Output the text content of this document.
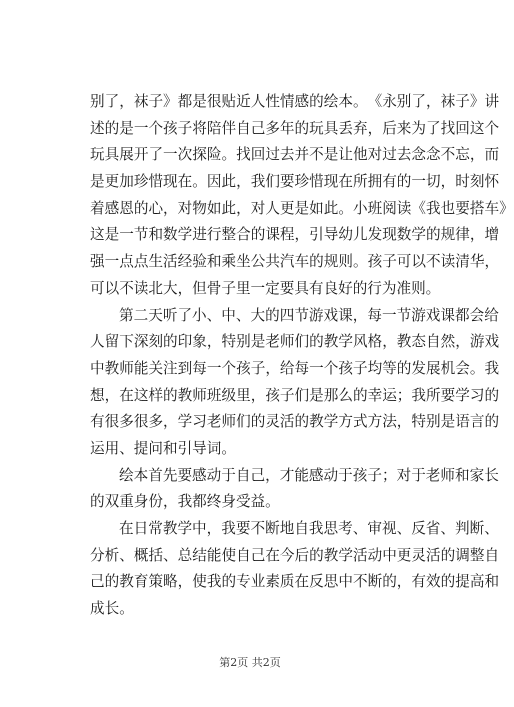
别 了 ， 袜 子 》 都 是 很 贴 近 人 性 情 感 的 绘 本 。 《 永 别 了 ， 袜 子 》 讲
述 的 是 一 个 孩 子 将 陪 伴 自 己 多 年 的 玩 具 丢 弃 ， 后 来 为 了 找 回 这 个
玩 具 展 开 了 一 次 探 险 。 找 回 过 去 并 不 是 让 他 对 过 去 念 念 不 忘 ， 而
是 更 加 珍 惜 现 在 。 因 此 ， 我 们 要 珍 惜 现 在 所 拥 有 的 一 切 ， 时 刻 怀
着 感 恩 的 心 ， 对 物 如 此 ， 对 人 更 是 如 此 。 小 班 阅 读 《 我 也 要 搭 车 》
这 是 一 节 和 数 学 进 行 整 合 的 课 程 ， 引 导 幼 儿 发 现 数 学 的 规 律 ， 增
强 一 点 点 生 活 经 验 和 乘 坐 公 共 汽 车 的 规 则 。 孩 子 可 以 不 读 清 华 ，
可以不读北大，但骨子里一定要具有良好的行为准则。
第 二 天 听 了 小 、 中 、 大 的 四 节 游 戏 课 ， 每 一 节 游 戏 课 都 会 给
人 留 下 深 刻 的 印 象 ， 特 别 是 老 师 们 的 教 学 风 格 ， 教 态 自 然 ， 游 戏
中 教 师 能 关 注 到 每 一 个 孩 子 ， 给 每 一 个 孩 子 均 等 的 发 展 机 会 。 我
想 ， 在 这 样 的 教 师 班 级 里 ， 孩 子 们 是 那 么 的 幸 运 ； 我 所 要 学 习 的
有 很 多 很 多 ， 学 习 老 师 们 的 灵 活 的 教 学 方 式 方 法 ， 特 别 是 语 言 的
运用、提问和引导词。
绘 本 首 先 要 感 动 于 自 己 ， 才 能 感 动 于 孩 子 ； 对 于 老 师 和 家 长
的双重身份，我都终身受益。
在 日 常 教 学 中 ， 我 要 不 断 地 自 我 思 考 、 审 视 、 反 省 、 判 断 、
分 析 、 概 括 、 总 结 能 使 自 己 在 今 后 的 教 学 活 动 中 更 灵 活 的 调 整 自
己 的 教 育 策 略 ， 使 我 的 专 业 素 质 在 反 思 中 不 断 的 ， 有 效 的 提 高 和
成长。
第2页 共2页
